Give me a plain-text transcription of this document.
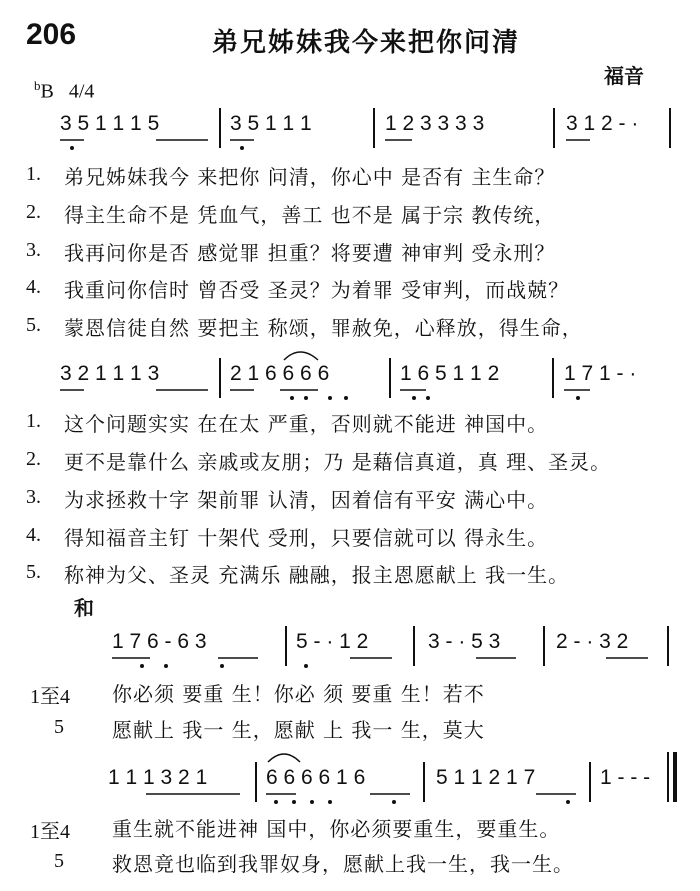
206	弟兄姊妹我今来把你问清
福音
$^b$B 4/4
3 5 1 1 1 5	3 5 1 1 1	1 2 3 3 3 3	3 1 2 - ·
1. 弟兄姊妹我今 来把你 问清，你心中 是否有 主生命？
2. 得主生命不是 凭血气，善工 也不是 属于宗 教传统，
3. 我再问你是否 感觉罪 担重？将要遭 神审判 受永刑？
4. 我重问你信时 曾否受 圣灵？为着罪 受审判，而战兢？
5. 蒙恩信徒自然 要把主 称颂，罪赦免，心释放，得生命，
3 2 1 1 1 3	2 1 6 6 6 6	1 6 5 1 1 2	1 7 1 - ·
1. 这个问题实实 在在太 严重，否则就不能进 神国中。
2. 更不是靠什么 亲戚或友朋；乃 是藉信真道，真 理、圣灵。
3. 为求拯救十字 架前罪 认清，因着信有平安 满心中。
4. 得知福音主钉 十架代 受刑，只要信就可以 得永生。
5. 称神为父、圣灵 充满乐 融融，报主恩愿献上 我一生。
和
1 7 6 - 6 3	5 - · 1 2	3 - · 5 3	2 - · 3 2
1至4 你必须 要重 生！你必 须 要重 生！若不
5 愿献上 我一 生，愿献 上 我一 生，莫大
1 1 1 3 2 1	6 6 6 6 1 6	5 1 1 2 1 7	1 - - -
1至4 重生就不能进神 国中，你必须要重生，要重生。
5 救恩竟也临到我罪奴身，愿献上我一生，我一生。
